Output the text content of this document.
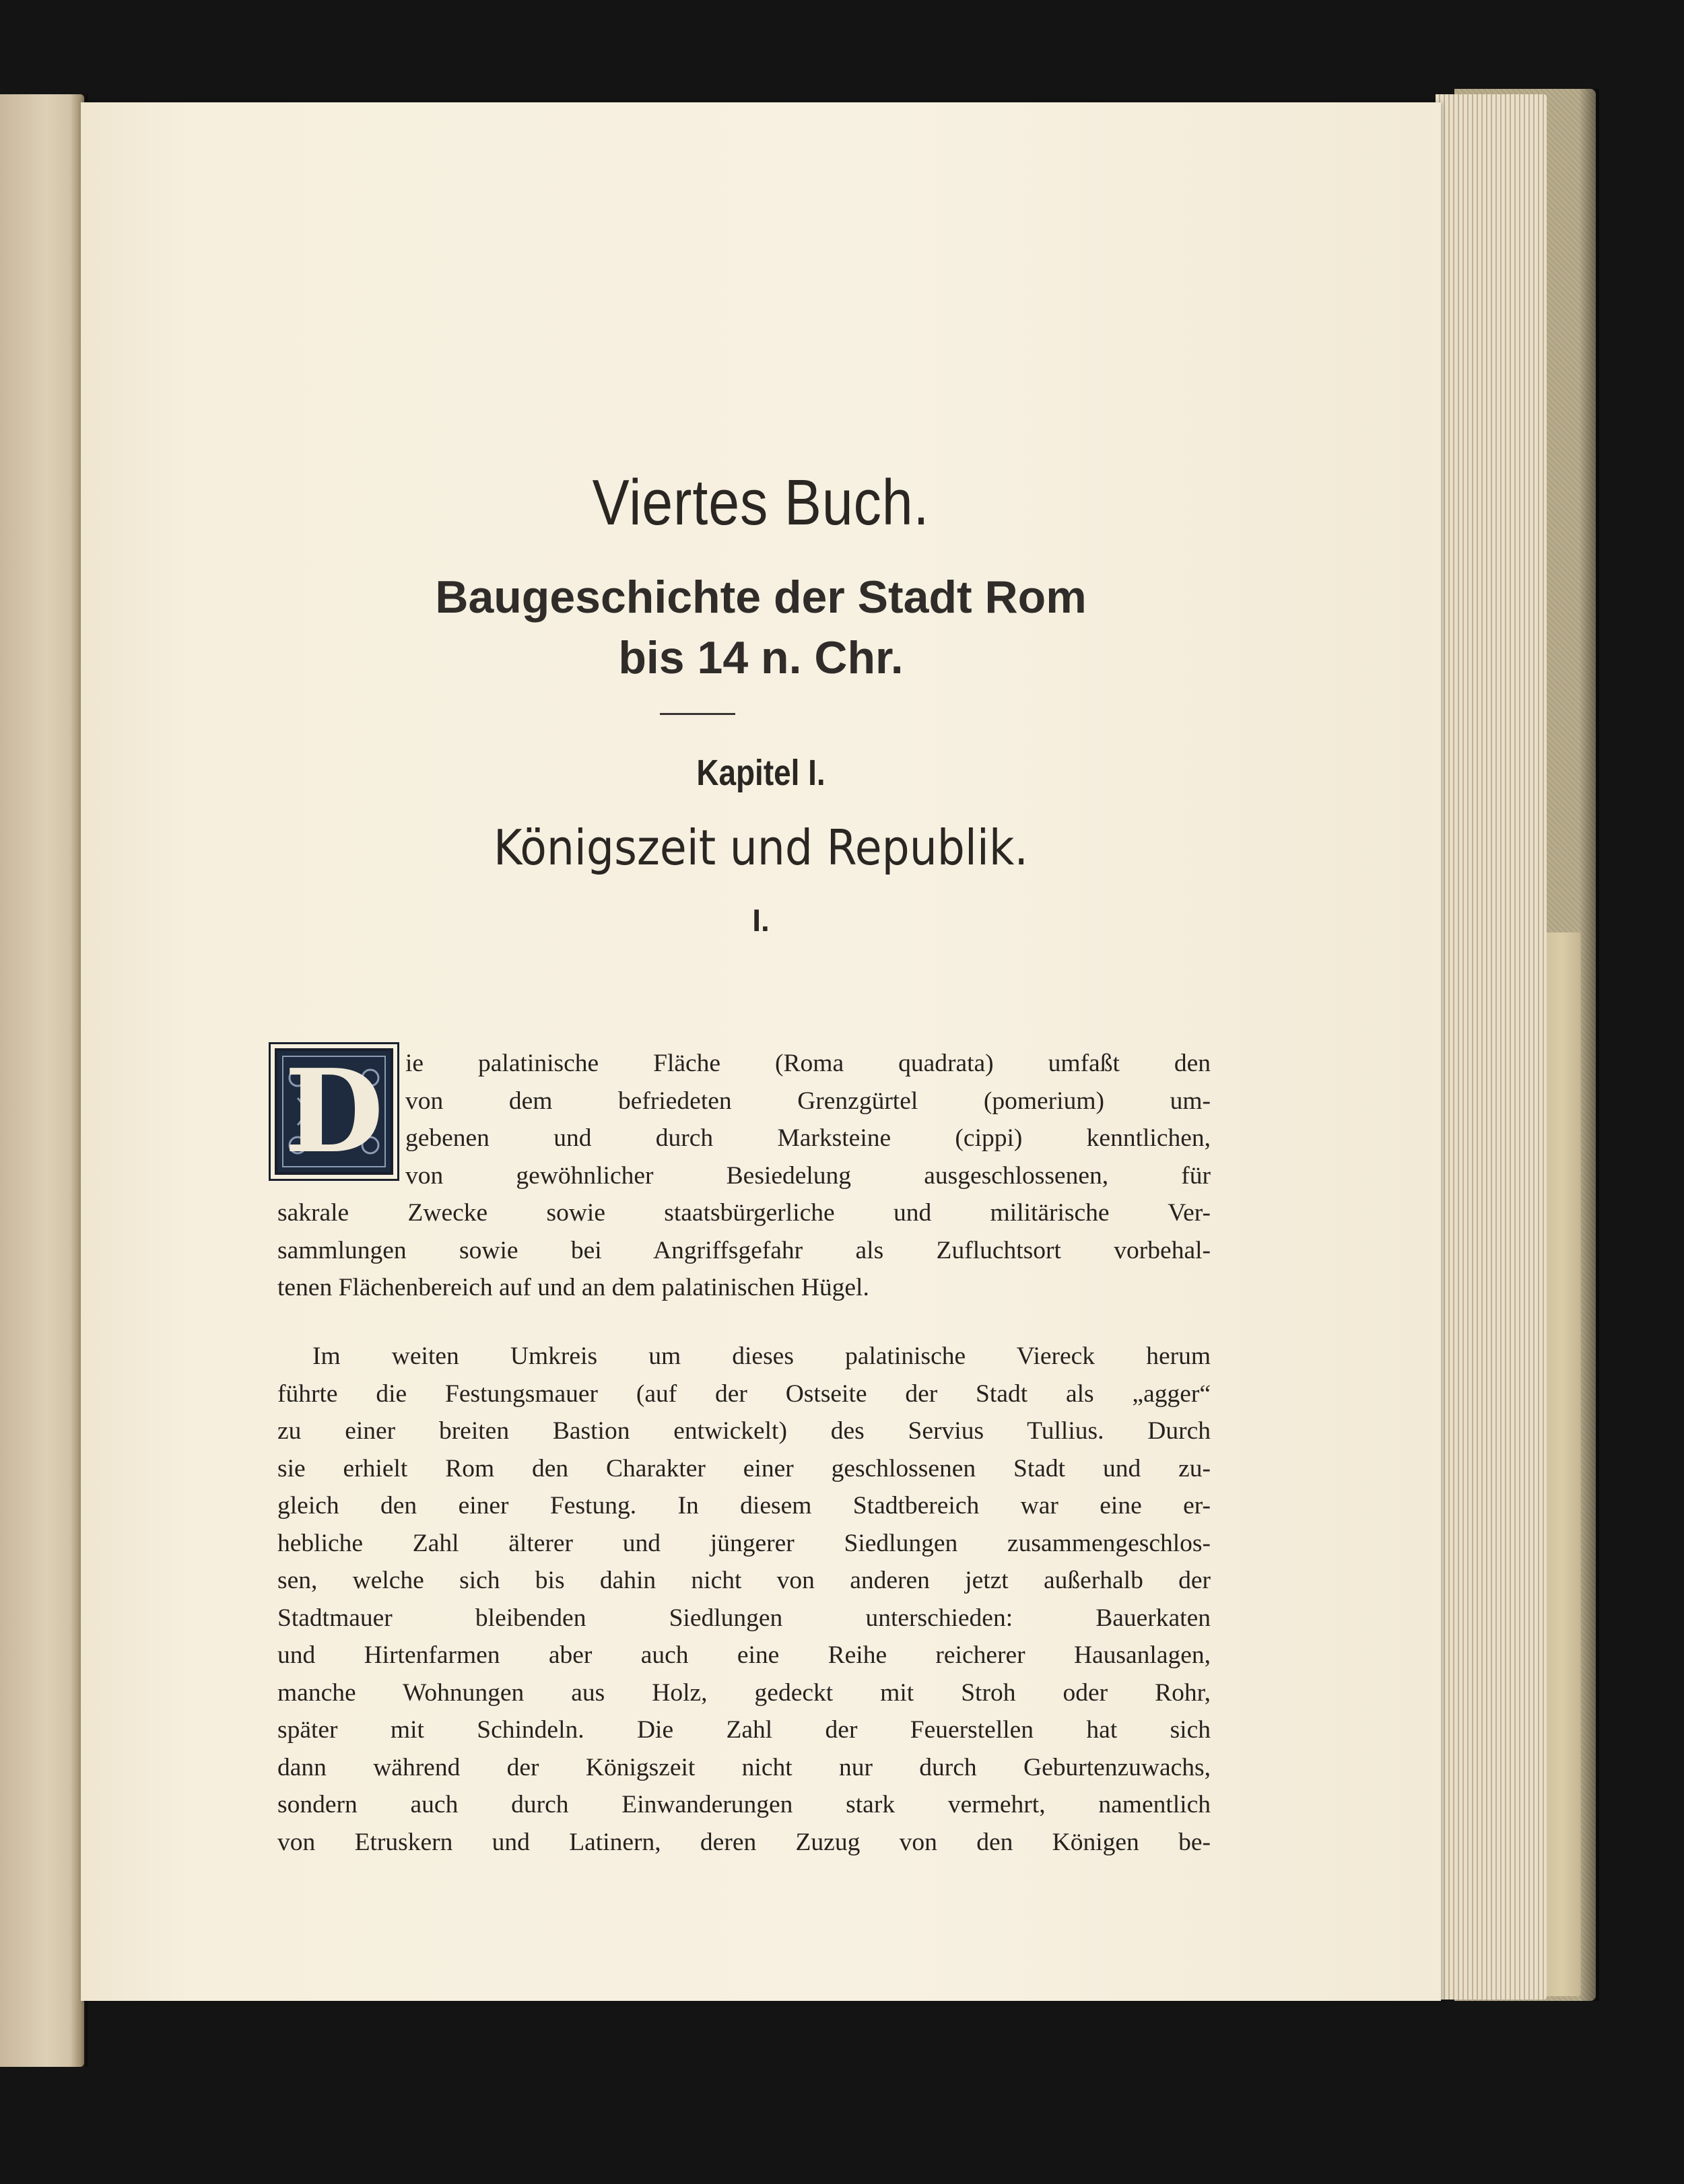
Viertes Buch.
Baugeschichte der Stadt Rom
bis 14 n. Chr.
Kapitel I.
Königszeit und Republik.
I.
D ie palatinische Fläche (Roma quadrata) umfaßt den
von dem befriedeten Grenzgürtel (pomerium) um-
gebenen und durch Marksteine (cippi) kenntlichen,
von gewöhnlicher Besiedelung ausgeschlossenen, für
sakrale Zwecke sowie staatsbürgerliche und militärische Ver-
sammlungen sowie bei Angriffsgefahr als Zufluchtsort vorbehal-
tenen Flächenbereich auf und an dem palatinischen Hügel.
Im weiten Umkreis um dieses palatinische Viereck herum
führte die Festungsmauer (auf der Ostseite der Stadt als „agger“
zu einer breiten Bastion entwickelt) des Servius Tullius. Durch
sie erhielt Rom den Charakter einer geschlossenen Stadt und zu-
gleich den einer Festung. In diesem Stadtbereich war eine er-
hebliche Zahl älterer und jüngerer Siedlungen zusammengeschlos-
sen, welche sich bis dahin nicht von anderen jetzt außerhalb der
Stadtmauer bleibenden Siedlungen unterschieden: Bauerkaten
und Hirtenfarmen aber auch eine Reihe reicherer Hausanlagen,
manche Wohnungen aus Holz, gedeckt mit Stroh oder Rohr,
später mit Schindeln. Die Zahl der Feuerstellen hat sich
dann während der Königszeit nicht nur durch Geburtenzuwachs,
sondern auch durch Einwanderungen stark vermehrt, namentlich
von Etruskern und Latinern, deren Zuzug von den Königen be-
